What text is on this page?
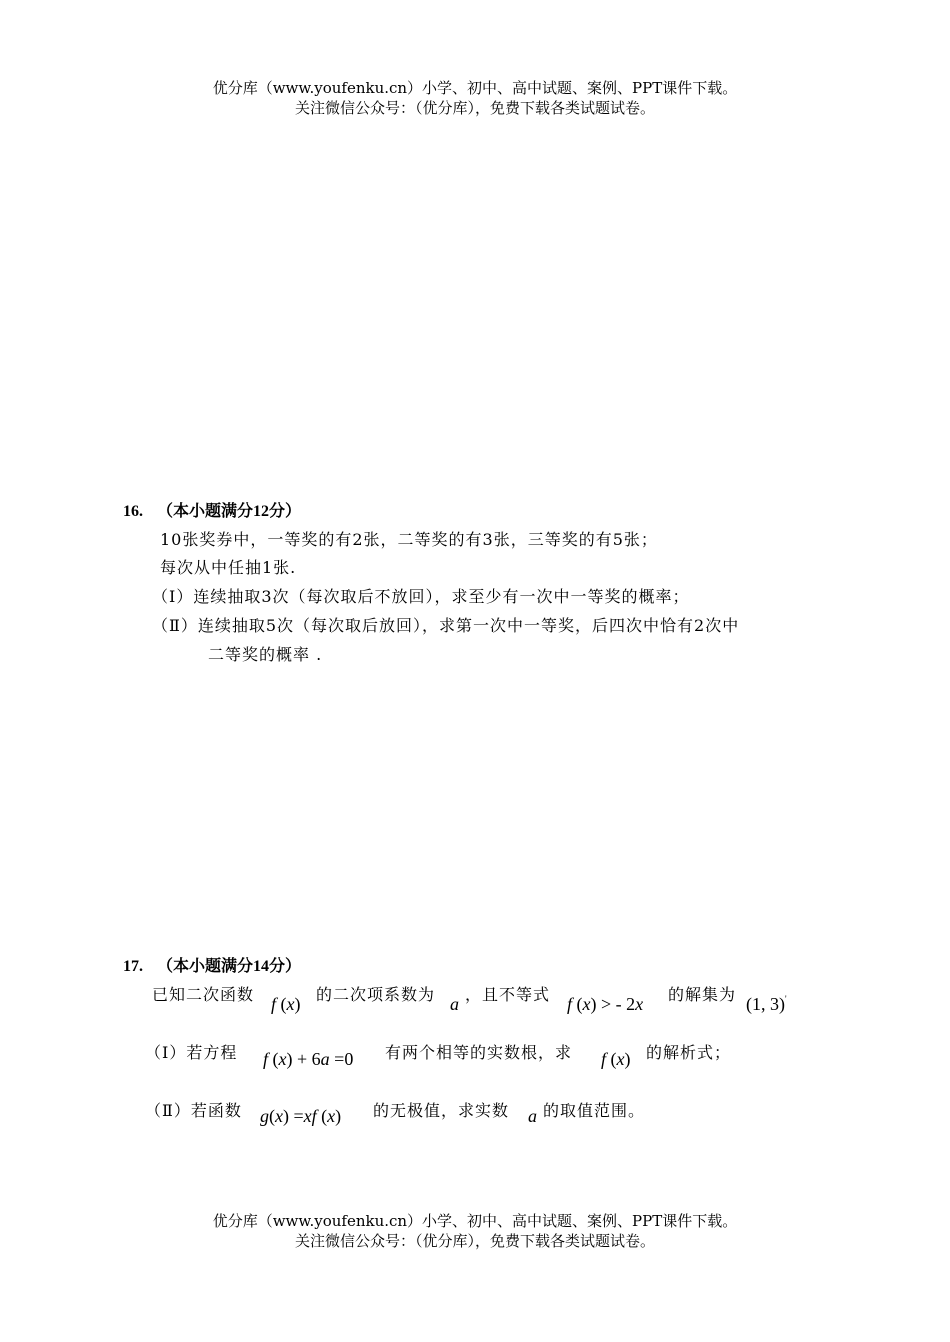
优分库（www.youfenku.cn）小学、初中、高中试题、案例、PPT课件下载。
关注微信公众号：（优分库），免费下载各类试题试卷。
16. （本小题满分12分）
10张奖券中，一等奖的有2张，二等奖的有3张，三等奖的有5张；
每次从中任抽1张.
（Ⅰ）连续抽取3次（每次取后不放回），求至少有一次中一等奖的概率；
（Ⅱ）连续抽取5次（每次取后放回），求第一次中一等奖，后四次中恰有2次中
二等奖的概率 .
17. （本小题满分14分）
已知二次函数 f (x) 的二次项系数为 a ，且不等式 f (x) > - 2x 的解集为 (1, 3)'
（Ⅰ）若方程 f (x) + 6a =0 有两个相等的实数根，求 f (x) 的解析式；
（Ⅱ）若函数 g(x) =xf (x) 的无极值，求实数 a 的取值范围。
优分库（www.youfenku.cn）小学、初中、高中试题、案例、PPT课件下载。
关注微信公众号：（优分库），免费下载各类试题试卷。
